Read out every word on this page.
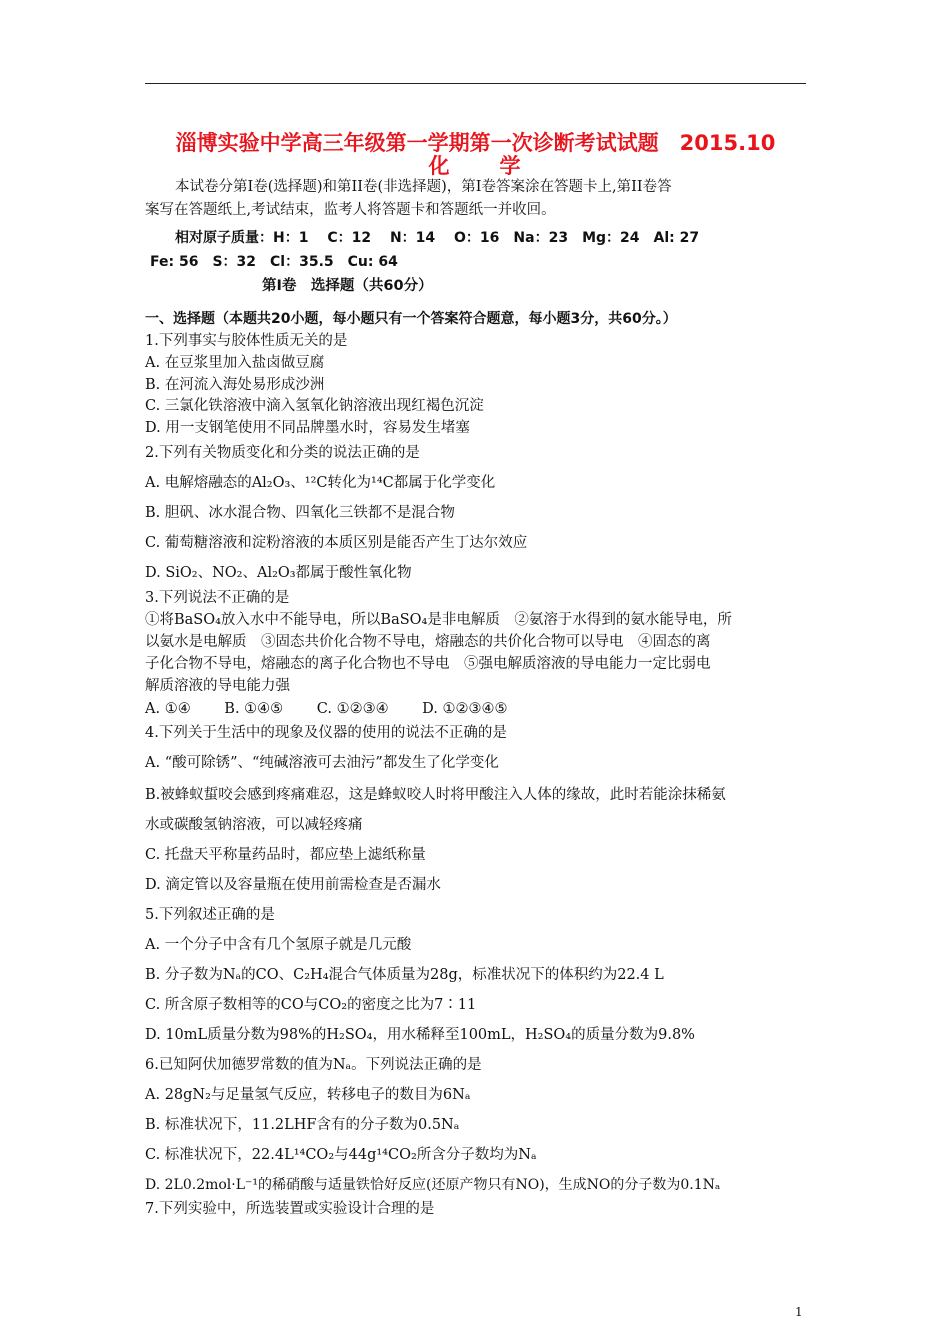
淄博实验中学高三年级第一学期第一次诊断考试试题　2015.10
化 学
本试卷分第Ⅰ卷(选择题)和第II卷(非选择题)，第Ⅰ卷答案涂在答题卡上,第II卷答
案写在答题纸上,考试结束，监考人将答题卡和答题纸一并收回。
相对原子质量：H：1　 C：12　 N：14　 O：16　Na：23　Mg：24　Al: 27
Fe: 56　S：32　Cl：35.5　Cu: 64
第Ⅰ卷　选择题（共60分）
一、选择题（本题共20小题，每小题只有一个答案符合题意，每小题3分，共60分。）
1.下列事实与胶体性质无关的是
A. 在豆浆里加入盐卤做豆腐
B. 在河流入海处易形成沙洲
C. 三氯化铁溶液中滴入氢氧化钠溶液出现红褐色沉淀
D. 用一支钢笔使用不同品牌墨水时，容易发生堵塞
2.下列有关物质变化和分类的说法正确的是
A. 电解熔融态的Al₂O₃、¹²C转化为¹⁴C都属于化学变化
B. 胆矾、冰水混合物、四氧化三铁都不是混合物
C. 葡萄糖溶液和淀粉溶液的本质区别是能否产生丁达尔效应
D. SiO₂、NO₂、Al₂O₃都属于酸性氧化物
3.下列说法不正确的是
①将BaSO₄放入水中不能导电，所以BaSO₄是非电解质　②氨溶于水得到的氨水能导电，所
以氨水是电解质　③固态共价化合物不导电，熔融态的共价化合物可以导电　④固态的离
子化合物不导电，熔融态的离子化合物也不导电　⑤强电解质溶液的导电能力一定比弱电
解质溶液的导电能力强
A. ①④　　 B. ①④⑤　　 C. ①②③④　　 D. ①②③④⑤
4.下列关于生活中的现象及仪器的使用的说法不正确的是
A. “酸可除锈”、“纯碱溶液可去油污”都发生了化学变化
B.被蜂蚁蜇咬会感到疼痛难忍，这是蜂蚁咬人时将甲酸注入人体的缘故，此时若能涂抹稀氨
水或碳酸氢钠溶液，可以减轻疼痛
C. 托盘天平称量药品时，都应垫上滤纸称量
D. 滴定管以及容量瓶在使用前需检查是否漏水
5.下列叙述正确的是
A. 一个分子中含有几个氢原子就是几元酸
B. 分子数为Nₐ的CO、C₂H₄混合气体质量为28g，标准状况下的体积约为22.4 L
C. 所含原子数相等的CO与CO₂的密度之比为7∶11
D. 10mL质量分数为98%的H₂SO₄，用水稀释至100mL，H₂SO₄的质量分数为9.8%
6.已知阿伏加德罗常数的值为Nₐ。下列说法正确的是
A. 28gN₂与足量氢气反应，转移电子的数目为6Nₐ
B. 标准状况下，11.2LHF含有的分子数为0.5Nₐ
C. 标准状况下，22.4L¹⁴CO₂与44g¹⁴CO₂所含分子数均为Nₐ
D. 2L0.2mol·L⁻¹的稀硝酸与适量铁恰好反应(还原产物只有NO)，生成NO的分子数为0.1Nₐ
7.下列实验中，所选装置或实验设计合理的是
1
